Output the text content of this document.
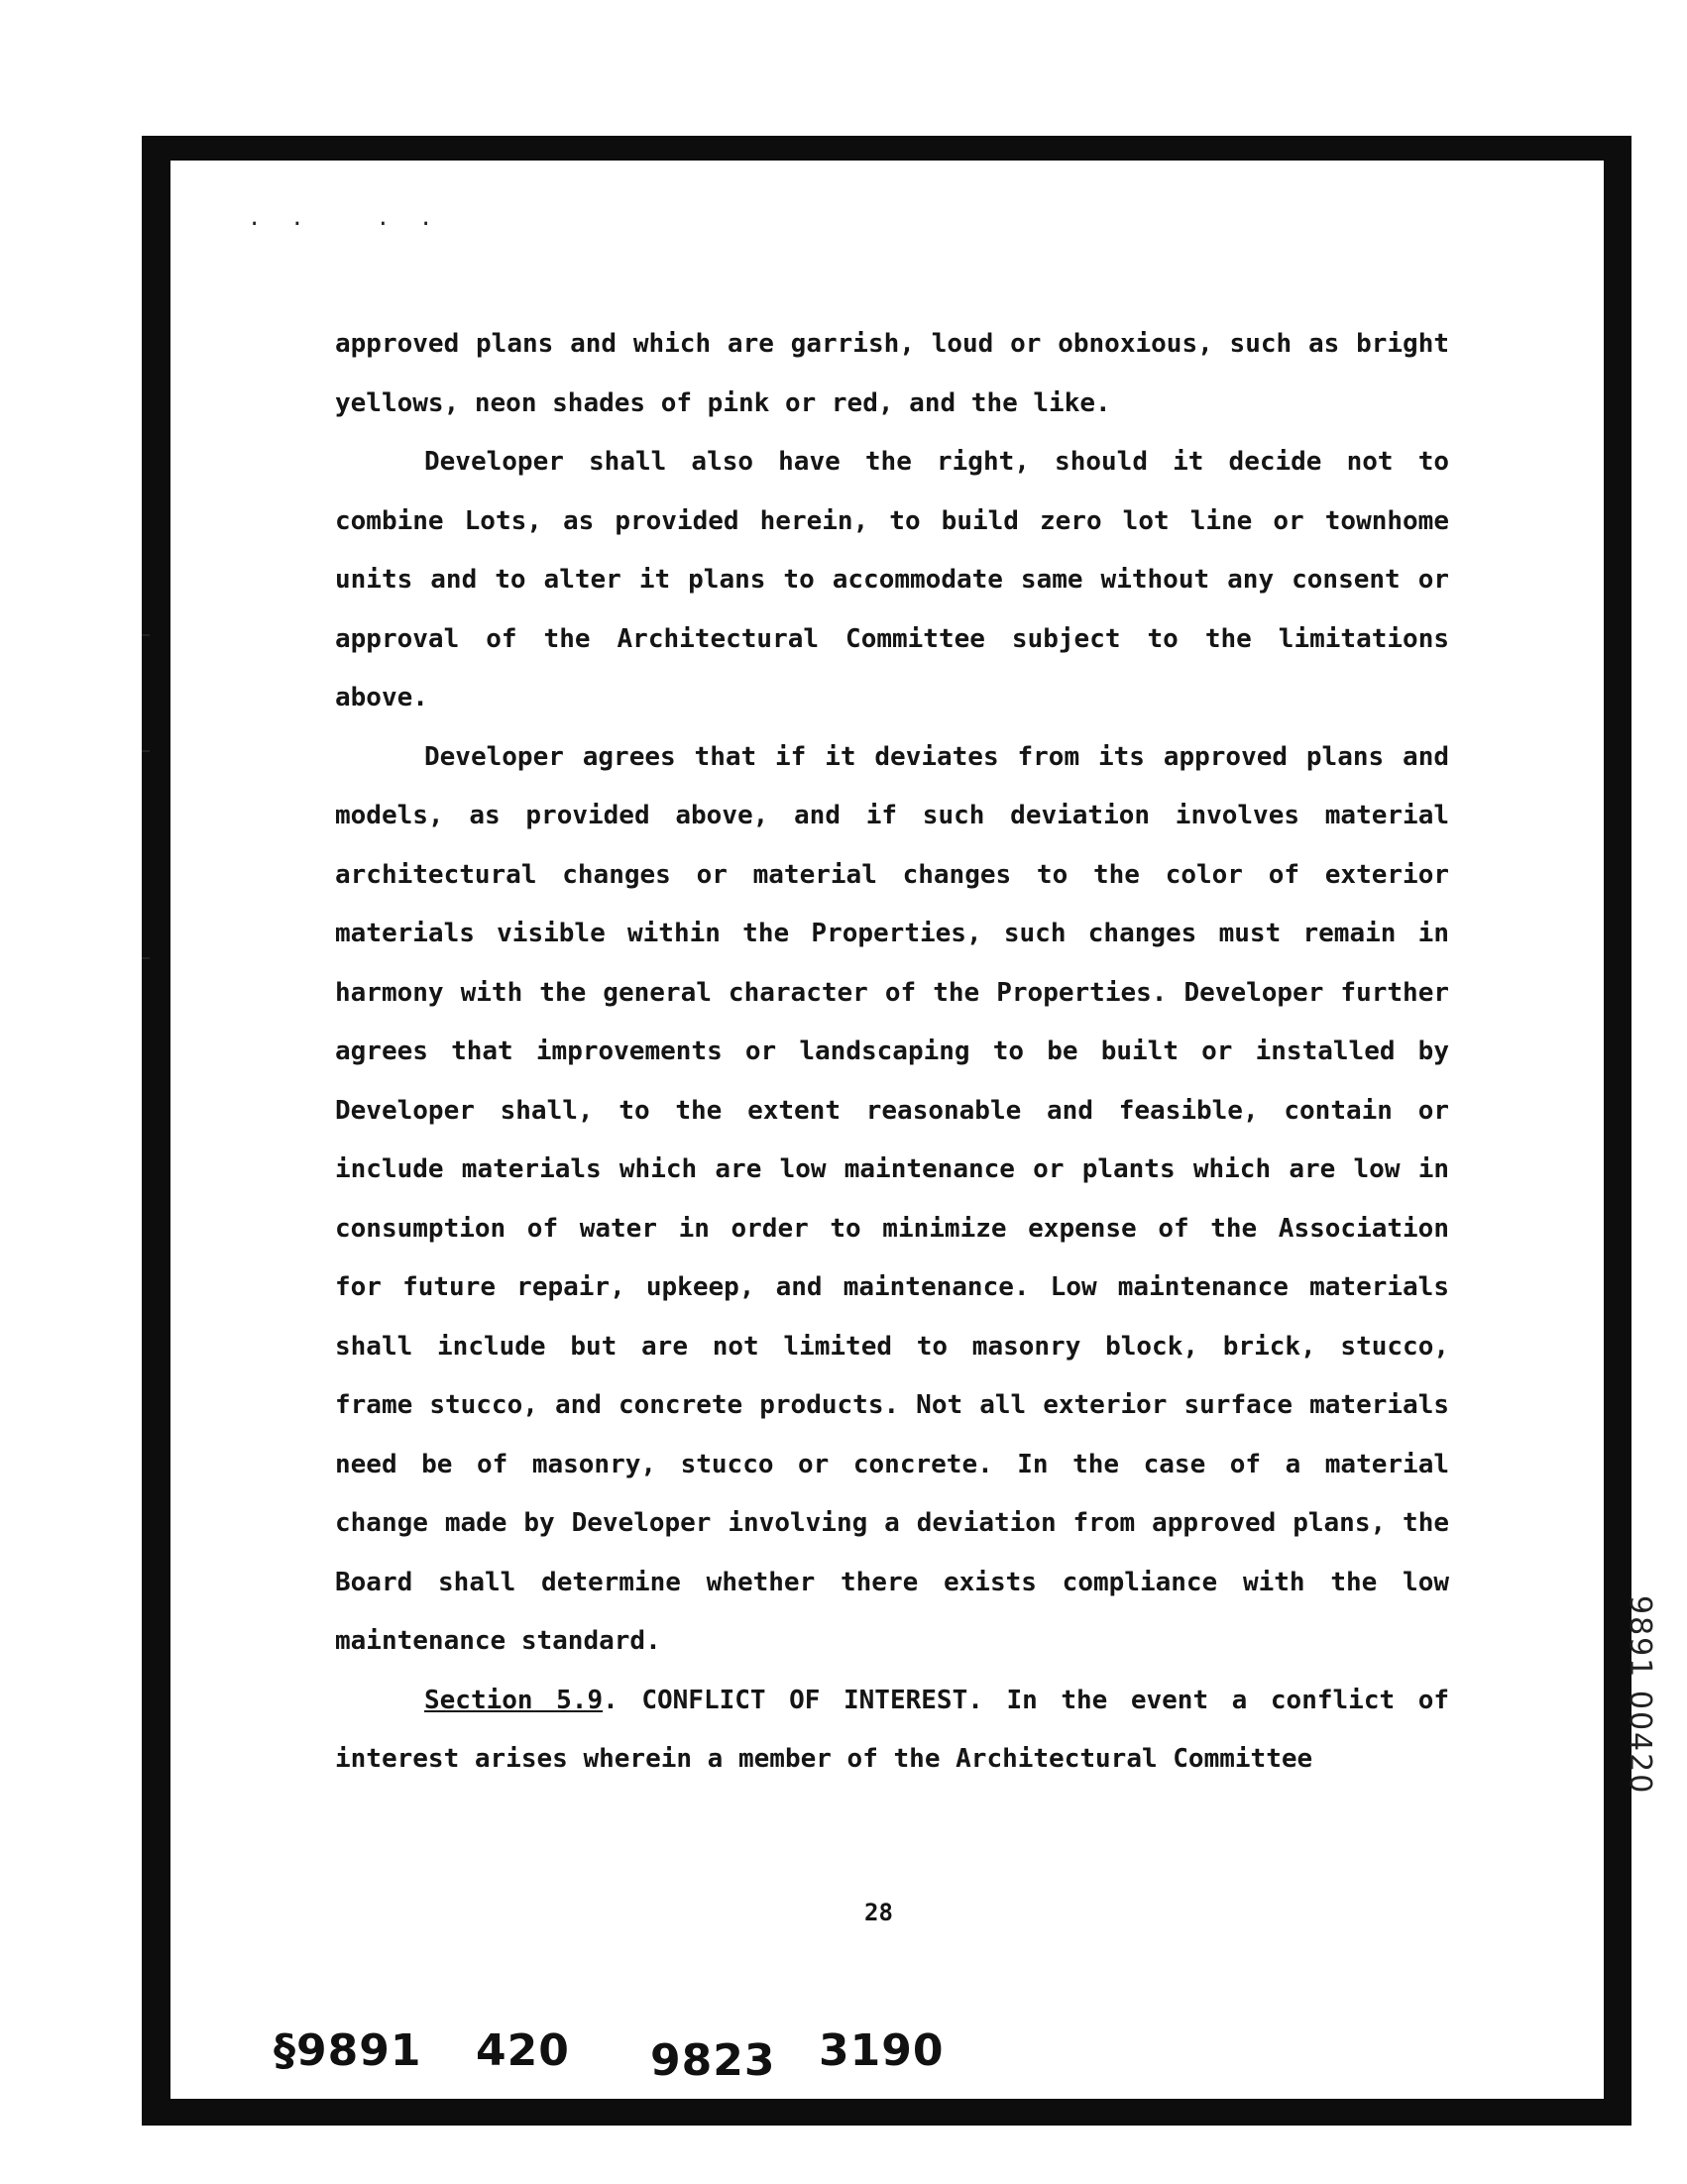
·· ··

approved plans and which are garrish, loud or obnoxious, such as bright yellows, neon shades of pink or red, and the like.

Developer shall also have the right, should it decide not to combine Lots, as provided herein, to build zero lot line or townhome units and to alter it plans to accommodate same without any consent or approval of the Architectural Committee subject to the limitations above.

Developer agrees that if it deviates from its approved plans and models, as provided above, and if such deviation involves material architectural changes or material changes to the color of exterior materials visible within the Properties, such changes must remain in harmony with the general character of the Properties. Developer further agrees that improvements or landscaping to be built or installed by Developer shall, to the extent reasonable and feasible, contain or include materials which are low maintenance or plants which are low in consumption of water in order to minimize expense of the Association for future repair, upkeep, and maintenance. Low maintenance materials shall include but are not limited to masonry block, brick, stucco, frame stucco, and concrete products. Not all exterior surface materials need be of masonry, stucco or concrete. In the case of a material change made by Developer involving a deviation from approved plans, the Board shall determine whether there exists compliance with the low maintenance standard.

Section 5.9. CONFLICT OF INTEREST. In the event a conflict of interest arises wherein a member of the Architectural Committee

28
§9891 420 9823 3190
9891 00420
